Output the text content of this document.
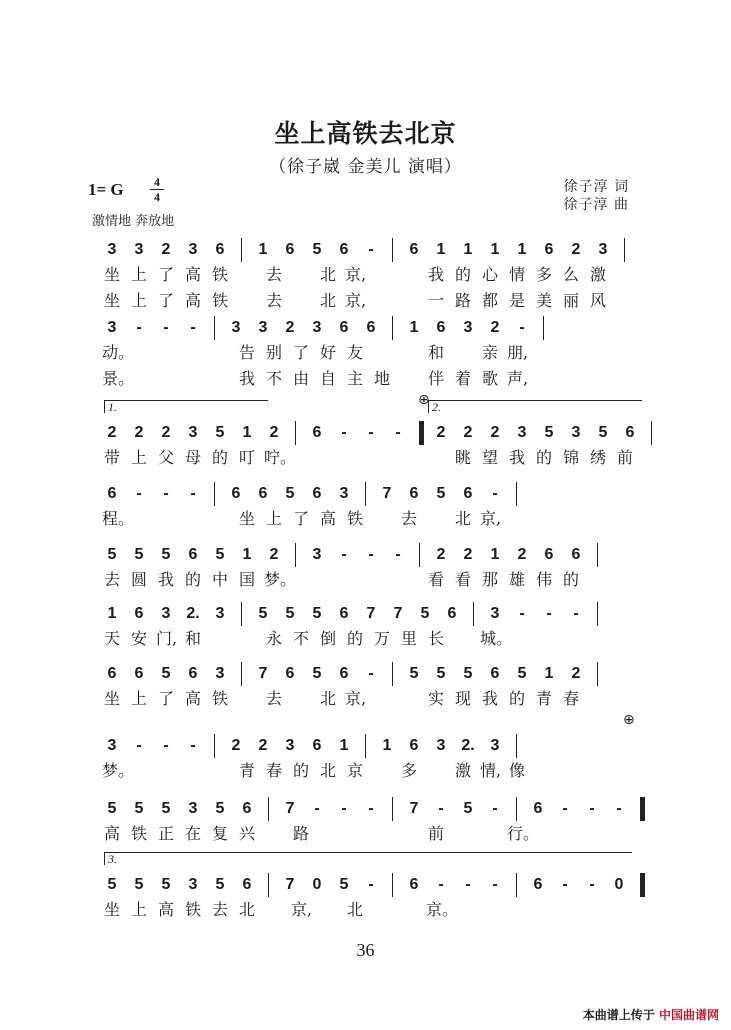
坐上高铁去北京
（徐子崴 金美儿 演唱）
1= G	4
4
徐子淳 词
徐子淳 曲
激情地 奔放地
3	3	2	3	6	1	6	5	6	-	6	1	1	1	1	6	2	3
坐 上 了 高 铁 去 北 京,	我 的 心 情 多 么 激
坐 上 了 高 铁 去 北 京,	一 路 都 是 美 丽 风
3	-	-	-	3	3	2	3	6	6	1	6	3	2	-
动。	告 别 了 好 友	和 亲 朋,
景。	我 不 由 自 主 地 伴 着 歌 声,
2	2	2	3	5	1	2	6	-	-	-	2	2	2	3	5	3	5	6
带 上 父 母 的 叮 咛。	眺 望 我 的 锦 绣 前
6	-	-	-	6	6	5	6	3	7	6	5	6	-
程。	坐 上 了 高 铁 去 北 京,
5	5	5	6	5	1	2	3	-	-	-	2	2	1	2	6	6
去 圆 我 的 中 国 梦。	看 看 那 雄 伟 的
1	6	3 2. 3	5	5	5	6	7	7	5	6	3	-	-	-
天 安 门, 和	永 不 倒 的 万 里 长 城。
6	6	5	6	3	7	6	5	6	-	5	5	5	6	5	1	2
坐 上 了 高 铁 去 北 京,	实 现 我 的 青 春
3	-	-	-	2	2	3	6	1	1	6	3 2. 3
梦。	青 春 的 北 京 多 激 情, 像
5	5	5	3	5	6	7	-	-	-	7	-	5	-	6	-	-	-
高 铁 正 在 复 兴 路	前	行。
5	5	5	3	5	6	7	0	5	-	6	-	-	-	6	-	-	0
坐 上 高 铁 去 北 京, 北	京。
1.	2.
3.
⊕
⊕
36
本曲谱上传于 中国曲谱网
